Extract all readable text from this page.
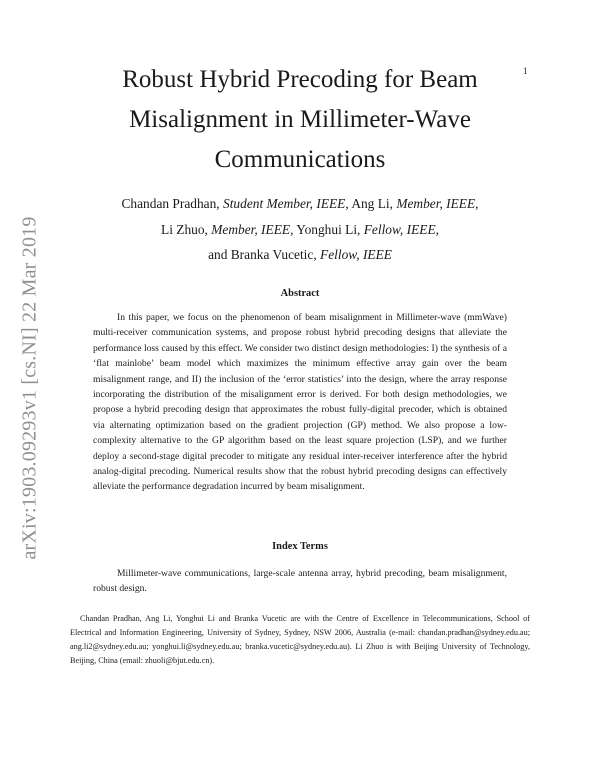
1
arXiv:1903.09293v1 [cs.NI] 22 Mar 2019
Robust Hybrid Precoding for Beam
Misalignment in Millimeter-Wave
Communications
Chandan Pradhan, Student Member, IEEE, Ang Li, Member, IEEE,
Li Zhuo, Member, IEEE, Yonghui Li, Fellow, IEEE,
and Branka Vucetic, Fellow, IEEE
Abstract

In this paper, we focus on the phenomenon of beam misalignment in Millimeter-wave (mmWave) multi-receiver communication systems, and propose robust hybrid precoding designs that alleviate the performance loss caused by this effect. We consider two distinct design methodologies: I) the synthesis of a ‘flat mainlobe’ beam model which maximizes the minimum effective array gain over the beam misalignment range, and II) the inclusion of the ‘error statistics’ into the design, where the array response incorporating the distribution of the misalignment error is derived. For both design methodologies, we propose a hybrid precoding design that approximates the robust fully-digital precoder, which is obtained via alternating optimization based on the gradient projection (GP) method. We also propose a low-complexity alternative to the GP algorithm based on the least square projection (LSP), and we further deploy a second-stage digital precoder to mitigate any residual inter-receiver interference after the hybrid analog-digital precoding. Numerical results show that the robust hybrid precoding designs can effectively alleviate the performance degradation incurred by beam misalignment.

Index Terms

Millimeter-wave communications, large-scale antenna array, hybrid precoding, beam misalignment, robust design.

Chandan Pradhan, Ang Li, Yonghui Li and Branka Vucetic are with the Centre of Excellence in Telecommunications, School of Electrical and Information Engineering, University of Sydney, Sydney, NSW 2006, Australia (e-mail: chandan.pradhan@sydney.edu.au; ang.li2@sydney.edu.au; yonghui.li@sydney.edu.au; branka.vucetic@sydney.edu.au). Li Zhuo is with Beijing University of Technology, Beijing, China (email: zhuoli@bjut.edu.cn).
